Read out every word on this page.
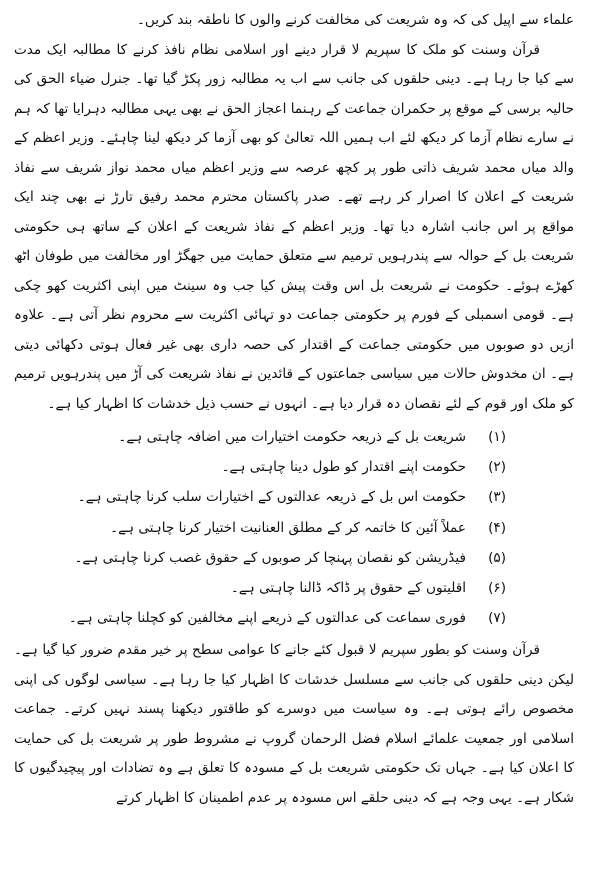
علماء سے اپیل کی کہ وہ شریعت کی مخالفت کرنے والوں کا ناطقہ بند کریں۔

قرآن وسنت کو ملک کا سپریم لا قرار دینے اور اسلامی نظام نافذ کرنے کا مطالبہ ایک مدت سے کیا جا رہا ہے۔ دینی حلقوں کی جانب سے اب یہ مطالبہ زور پکڑ گیا تھا۔ جنرل ضیاء الحق کی حالیہ برسی کے موقع پر حکمران جماعت کے رہنما اعجاز الحق نے بھی یہی مطالبہ دہرایا تھا کہ ہم نے سارے نظام آزما کر دیکھ لئے اب ہمیں اللہ تعالیٰ کو بھی آزما کر دیکھ لینا چاہئے۔ وزیر اعظم کے والد میاں محمد شریف ذاتی طور پر کچھ عرصہ سے وزیر اعظم میاں محمد نواز شریف سے نفاذ شریعت کے اعلان کا اصرار کر رہے تھے۔ صدر پاکستان محترم محمد رفیق تارڑ نے بھی چند ایک مواقع پر اس جانب اشارہ دیا تھا۔ وزیر اعظم کے نفاذ شریعت کے اعلان کے ساتھ ہی حکومتی شریعت بل کے حوالہ سے پندرہویں ترمیم سے متعلق حمایت میں جھگڑ اور مخالفت میں طوفان اٹھ کھڑے ہوئے۔ حکومت نے شریعت بل اس وقت پیش کیا جب وہ سینٹ میں اپنی اکثریت کھو چکی ہے۔ قومی اسمبلی کے فورم پر حکومتی جماعت دو تہائی اکثریت سے محروم نظر آتی ہے۔ علاوہ ازیں دو صوبوں میں حکومتی جماعت کے اقتدار کی حصہ داری بھی غیر فعال ہوتی دکھائی دیتی ہے۔ ان مخدوش حالات میں سیاسی جماعتوں کے قائدین نے نفاذ شریعت کی آڑ میں پندرہویں ترمیم کو ملک اور قوم کے لئے نقصان دہ قرار دیا ہے۔ انہوں نے حسب ذیل خدشات کا اظہار کیا ہے۔

(۱)
شریعت بل کے ذریعہ حکومت اختیارات میں اضافہ چاہتی ہے۔
(۲)
حکومت اپنے اقتدار کو طول دینا چاہتی ہے۔
(۳)
حکومت اس بل کے ذریعہ عدالتوں کے اختیارات سلب کرنا چاہتی ہے۔
(۴)
عملاً آئین کا خاتمہ کر کے مطلق العنانیت اختیار کرنا چاہتی ہے۔
(۵)
فیڈریشن کو نقصان پہنچا کر صوبوں کے حقوق غصب کرنا چاہتی ہے۔
(۶)
اقلیتوں کے حقوق پر ڈاکہ ڈالنا چاہتی ہے۔
(۷)
فوری سماعت کی عدالتوں کے ذریعے اپنے مخالفین کو کچلنا چاہتی ہے۔

قرآن وسنت کو بطور سپریم لا قبول کئے جانے کا عوامی سطح پر خیر مقدم ضرور کیا گیا ہے۔ لیکن دینی حلقوں کی جانب سے مسلسل خدشات کا اظہار کیا جا رہا ہے۔ سیاسی لوگوں کی اپنی مخصوص رائے ہوتی ہے۔ وہ سیاست میں دوسرے کو طاقتور دیکھنا پسند نہیں کرتے۔ جماعت اسلامی اور جمعیت علمائے اسلام فضل الرحمان گروپ نے مشروط طور پر شریعت بل کی حمایت کا اعلان کیا ہے۔ جہاں تک حکومتی شریعت بل کے مسودہ کا تعلق ہے وہ تضادات اور پیچیدگیوں کا شکار ہے۔ یہی وجہ ہے کہ دینی حلقے اس مسودہ پر عدم اطمینان کا اظہار کرتے
